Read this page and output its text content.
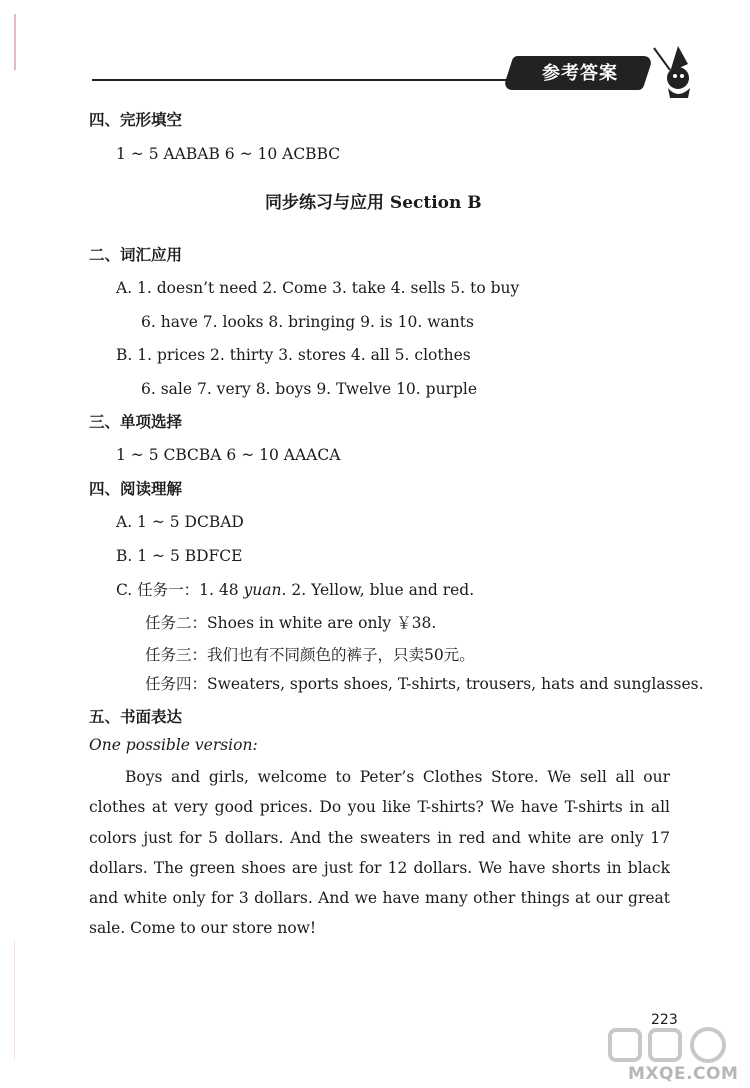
参考答案
四、完形填空
1 ~ 5 AABAB 6 ~ 10 ACBBC
同步练习与应用 Section B
二、词汇应用
A. 1. doesn’t need 2. Come 3. take 4. sells 5. to buy
6. have 7. looks 8. bringing 9. is 10. wants
B. 1. prices 2. thirty 3. stores 4. all 5. clothes
6. sale 7. very 8. boys 9. Twelve 10. purple
三、单项选择
1 ~ 5 CBCBA 6 ~ 10 AAACA
四、阅读理解
A. 1 ~ 5 DCBAD
B. 1 ~ 5 BDFCE
C. 任务一：1. 48 yuan. 2. Yellow, blue and red.
任务二：Shoes in white are only ￥38.
任务三：我们也有不同颜色的裤子，只卖50元。
任务四：Sweaters, sports shoes, T-shirts, trousers, hats and sunglasses.
五、书面表达
One possible version:

Boys and girls, welcome to Peter’s Clothes Store. We sell all our clothes at very good prices. Do you like T-shirts? We have T-shirts in all colors just for 5 dollars. And the sweaters in red and white are only 17 dollars. The green shoes are just for 12 dollars. We have shorts in black and white only for 3 dollars. And we have many other things at our great sale. Come to our store now!

223
MXQE.COM
